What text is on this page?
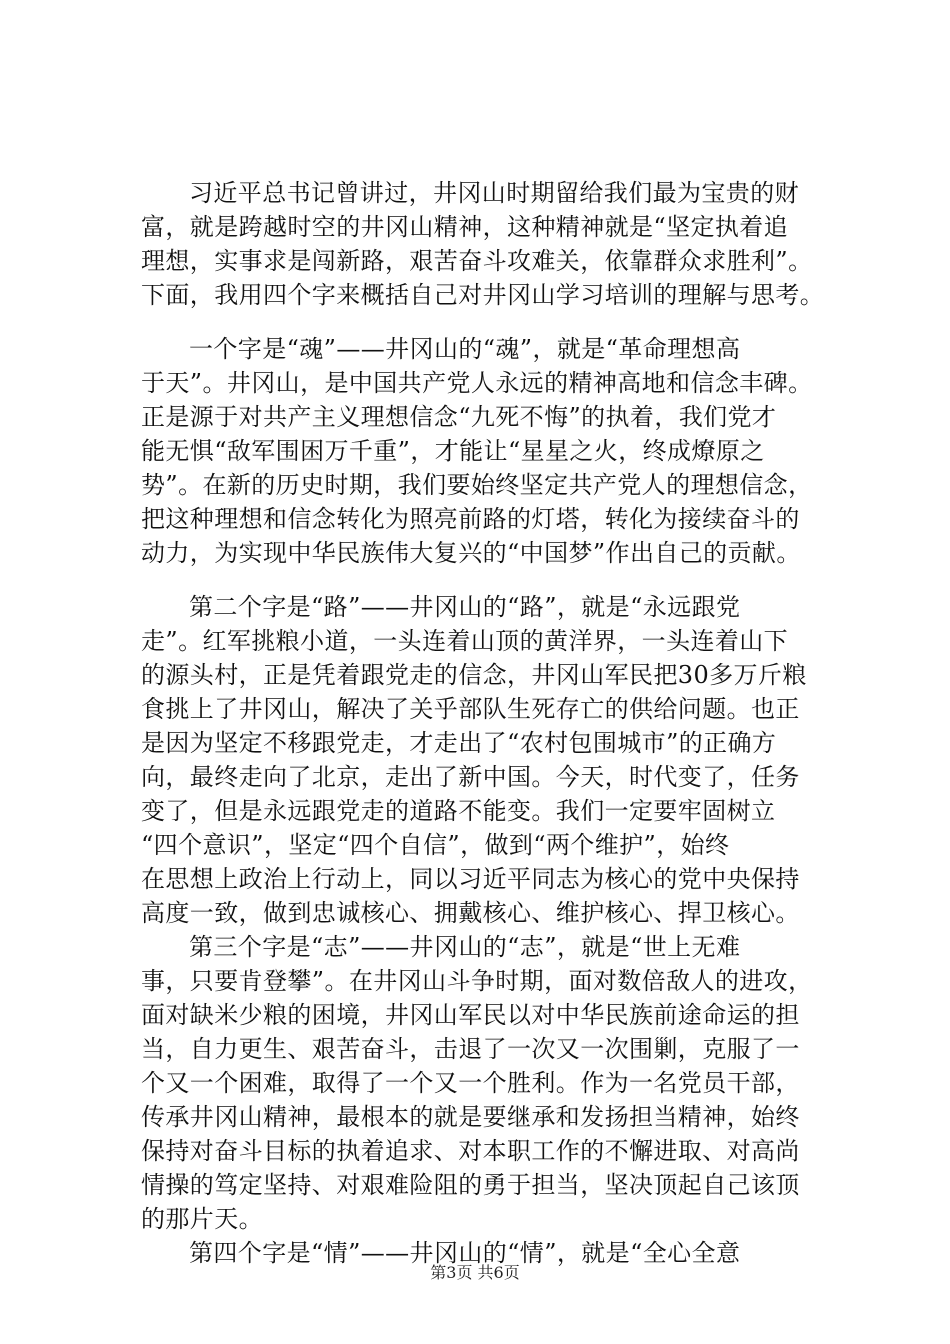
习近平总书记曾讲过，井冈山时期留给我们最为宝贵的财
富，就是跨越时空的井冈山精神，这种精神就是“坚定执着追
理想，实事求是闯新路，艰苦奋斗攻难关，依靠群众求胜利”。
下面，我用四个字来概括自己对井冈山学习培训的理解与思考。
一个字是“魂”——井冈山的“魂”，就是“革命理想高
于天”。井冈山，是中国共产党人永远的精神高地和信念丰碑。
正是源于对共产主义理想信念“九死不悔”的执着，我们党才
能无惧“敌军围困万千重”，才能让“星星之火，终成燎原之
势”。在新的历史时期，我们要始终坚定共产党人的理想信念，
把这种理想和信念转化为照亮前路的灯塔，转化为接续奋斗的
动力，为实现中华民族伟大复兴的“中国梦”作出自己的贡献。
第二个字是“路”——井冈山的“路”，就是“永远跟党
走”。红军挑粮小道，一头连着山顶的黄洋界，一头连着山下
的源头村，正是凭着跟党走的信念，井冈山军民把30多万斤粮
食挑上了井冈山，解决了关乎部队生死存亡的供给问题。也正
是因为坚定不移跟党走，才走出了“农村包围城市”的正确方
向，最终走向了北京，走出了新中国。今天，时代变了，任务
变了，但是永远跟党走的道路不能变。我们一定要牢固树立
“四个意识”，坚定“四个自信”，做到“两个维护”，始终
在思想上政治上行动上，同以习近平同志为核心的党中央保持
高度一致，做到忠诚核心、拥戴核心、维护核心、捍卫核心。
第三个字是“志”——井冈山的“志”，就是“世上无难
事，只要肯登攀”。在井冈山斗争时期，面对数倍敌人的进攻，
面对缺米少粮的困境，井冈山军民以对中华民族前途命运的担
当，自力更生、艰苦奋斗，击退了一次又一次围剿，克服了一
个又一个困难，取得了一个又一个胜利。作为一名党员干部，
传承井冈山精神，最根本的就是要继承和发扬担当精神，始终
保持对奋斗目标的执着追求、对本职工作的不懈进取、对高尚
情操的笃定坚持、对艰难险阻的勇于担当，坚决顶起自己该顶
的那片天。
第四个字是“情”——井冈山的“情”，就是“全心全意
第3页 共6页
